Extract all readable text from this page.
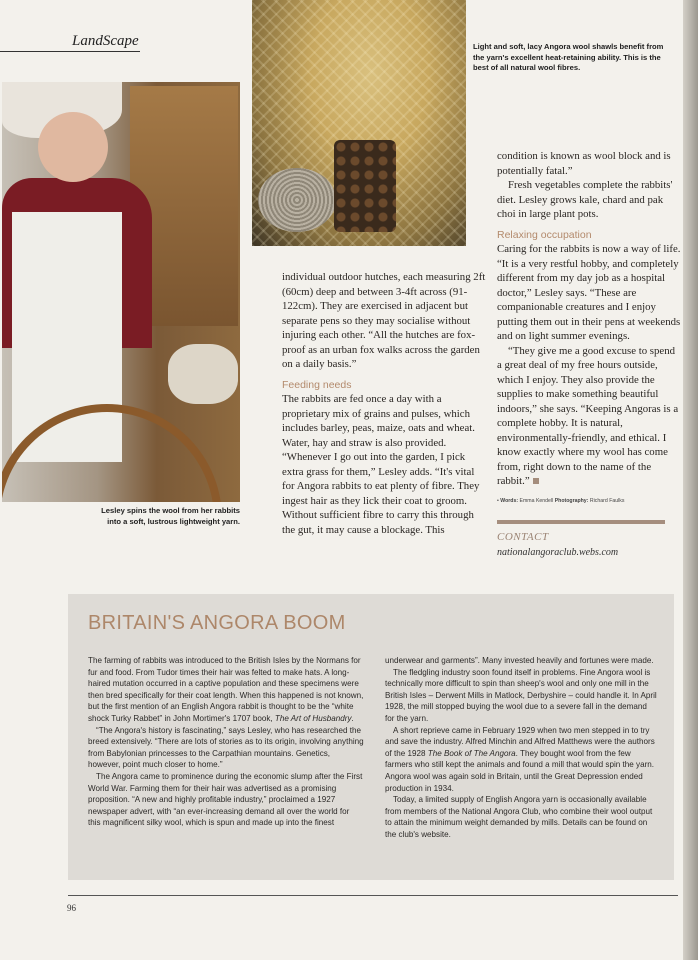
LandScape	Light and soft, lacy Angora wool shawls benefit from the yarn's excellent heat-retaining ability. This is the best of all natural wool fibres.
Lesley spins the wool from her rabbits into a soft, lustrous lightweight yarn.

individual outdoor hutches, each measuring 2ft (60cm) deep and between 3-4ft across (91-122cm). They are exercised in adjacent but separate pens so they may socialise without injuring each other. “All the hutches are fox-proof as an urban fox walks across the garden on a daily basis.”

Feeding needs

The rabbits are fed once a day with a proprietary mix of grains and pulses, which includes barley, peas, maize, oats and wheat. Water, hay and straw is also provided. “Whenever I go out into the garden, I pick extra grass for them,” Lesley adds. “It's vital for Angora rabbits to eat plenty of fibre. They ingest hair as they lick their coat to groom. Without sufficient fibre to carry this through the gut, it may cause a blockage. This

condition is known as wool block and is potentially fatal.”

Fresh vegetables complete the rabbits' diet. Lesley grows kale, chard and pak choi in large plant pots.

Relaxing occupation

Caring for the rabbits is now a way of life. “It is a very restful hobby, and completely different from my day job as a hospital doctor,” Lesley says. “These are companionable creatures and I enjoy putting them out in their pens at weekends and on light summer evenings.

“They give me a good excuse to spend a great deal of my free hours outside, which I enjoy. They also provide the supplies to make something beautiful indoors,” she says. “Keeping Angoras is a complete hobby. It is natural, environmentally-friendly, and ethical. I know exactly where my wool has come from, right down to the name of the rabbit.”

• Words: Emma Kendell Photography: Richard Faulks
CONTACT
nationalangoraclub.webs.com
BRITAIN'S ANGORA BOOM

The farming of rabbits was introduced to the British Isles by the Normans for fur and food. From Tudor times their hair was felted to make hats. A long-haired mutation occurred in a captive population and these specimens were then bred specifically for their coat length. When this happened is not known, but the first mention of an English Angora rabbit is thought to be the “white shock Turky Rabbet” in John Mortimer's 1707 book, The Art of Husbandry.

“The Angora's history is fascinating,” says Lesley, who has researched the breed extensively. “There are lots of stories as to its origin, involving anything from Babylonian princesses to the Carpathian mountains. Genetics, however, point much closer to home.”

The Angora came to prominence during the economic slump after the First World War. Farming them for their hair was advertised as a promising proposition. “A new and highly profitable industry,” proclaimed a 1927 newspaper advert, with “an ever-increasing demand all over the world for this magnificent silky wool, which is spun and made up into the finest

underwear and garments”. Many invested heavily and fortunes were made.

The fledgling industry soon found itself in problems. Fine Angora wool is technically more difficult to spin than sheep's wool and only one mill in the British Isles – Derwent Mills in Matlock, Derbyshire – could handle it. In April 1928, the mill stopped buying the wool due to a severe fall in the demand for the yarn.

A short reprieve came in February 1929 when two men stepped in to try and save the industry. Alfred Minchin and Alfred Matthews were the authors of the 1928 The Book of The Angora. They bought wool from the few farmers who still kept the animals and found a mill that would spin the yarn. Angora wool was again sold in Britain, until the Great Depression ended production in 1934.

Today, a limited supply of English Angora yarn is occasionally available from members of the National Angora Club, who combine their wool output to attain the minimum weight demanded by mills. Details can be found on the club's website.

96
